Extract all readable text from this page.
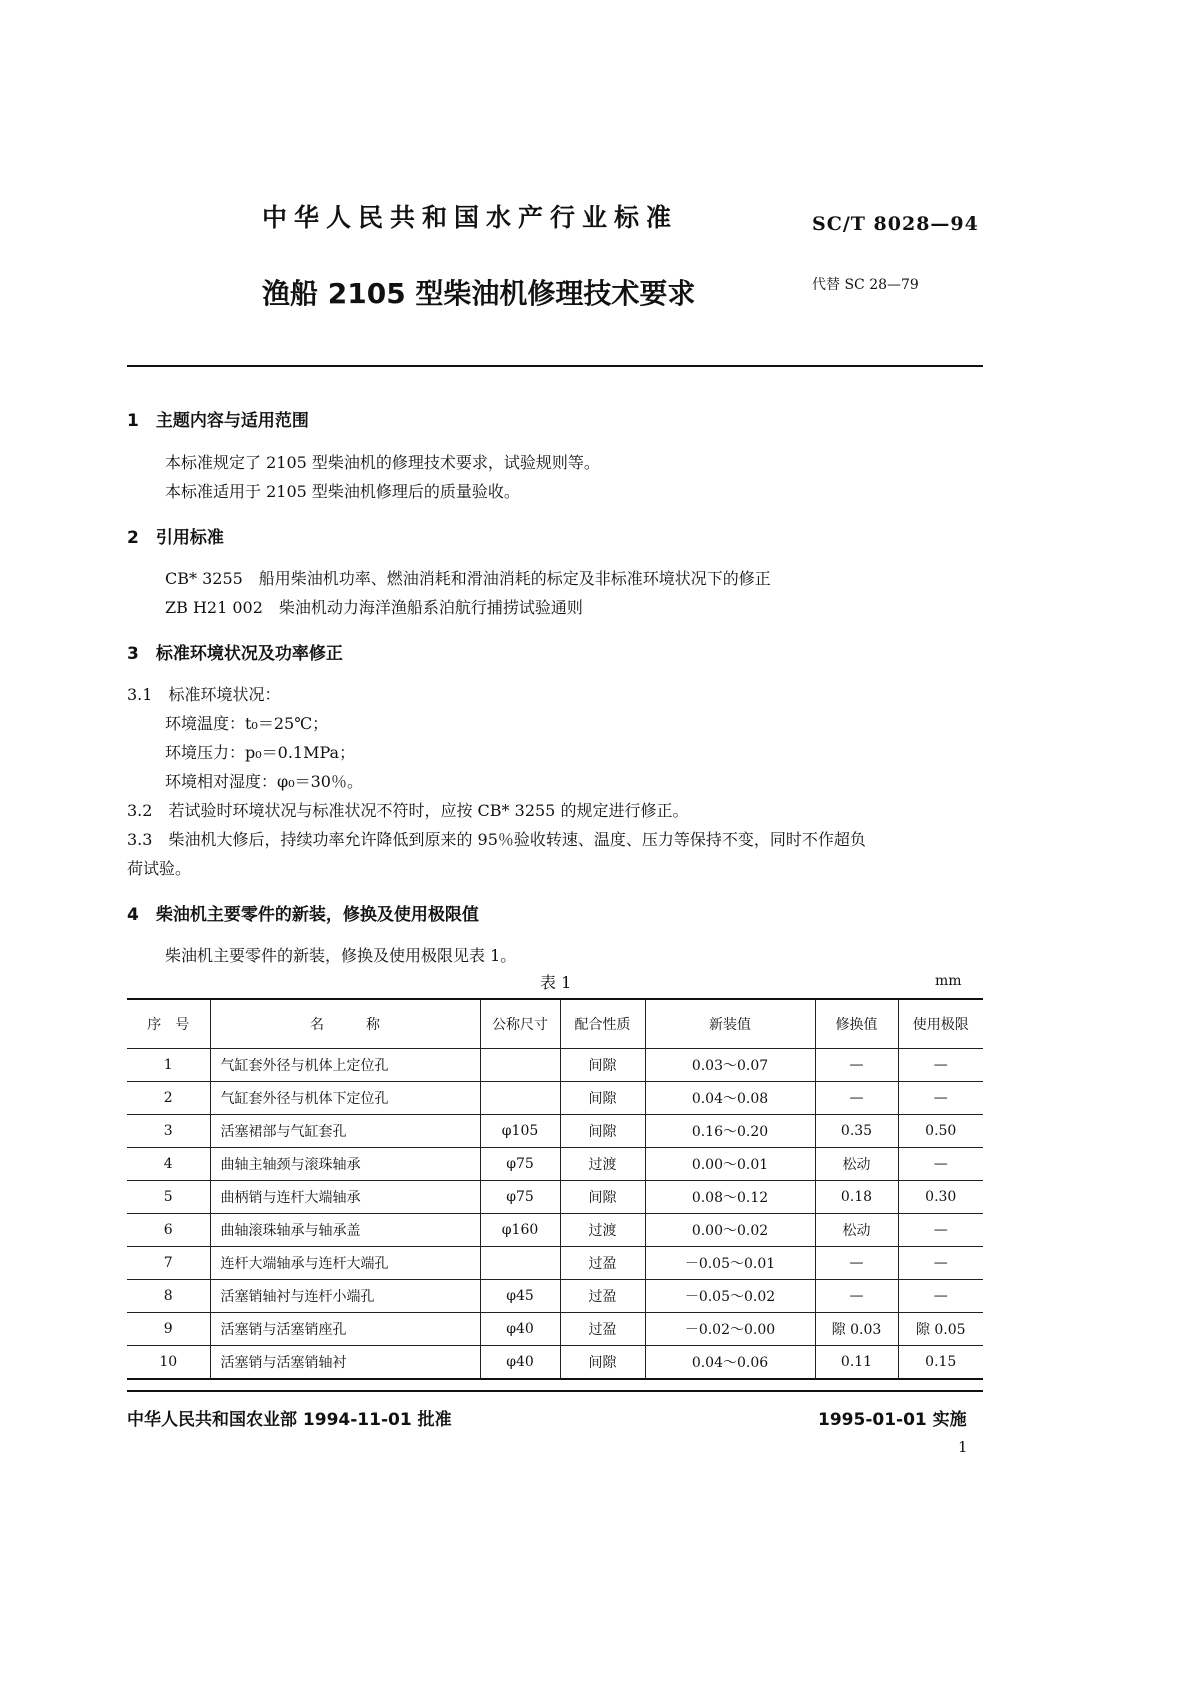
中华人民共和国水产行业标准	SC/T 8028—94
渔船 2105 型柴油机修理技术要求	代替 SC 28—79
1　 主题内容与适用范围
本标准规定了 2105 型柴油机的修理技术要求，试验规则等。
本标准适用于 2105 型柴油机修理后的质量验收。
2　 引用标准
CB* 3255　船用柴油机功率、燃油消耗和滑油消耗的标定及非标准环境状况下的修正
ZB H21 002　柴油机动力海洋渔船系泊航行捕捞试验通则
3　 标准环境状况及功率修正
3.1　 标准环境状况：
环境温度：t₀＝25℃；
环境压力：p₀＝0.1MPa；
环境相对湿度：φ₀＝30％。
3.2　 若试验时环境状况与标准状况不符时，应按 CB* 3255 的规定进行修正。
3.3　 柴油机大修后，持续功率允许降低到原来的 95％验收转速、温度、压力等保持不变，同时不作超负
荷试验。
4　 柴油机主要零件的新装，修换及使用极限值
柴油机主要零件的新装，修换及使用极限见表 1。
表 1	mm
序　号	名　　　称	公称尺寸	配合性质	新装值	修换值	使用极限
1	气缸套外径与机体上定位孔		间隙	0.03～0.07	—	—
2	气缸套外径与机体下定位孔		间隙	0.04～0.08	—	—
3	活塞裙部与气缸套孔	φ105	间隙	0.16～0.20	0.35	0.50
4	曲轴主轴颈与滚珠轴承	φ75	过渡	0.00～0.01	松动	—
5	曲柄销与连杆大端轴承	φ75	间隙	0.08～0.12	0.18	0.30
6	曲轴滚珠轴承与轴承盖	φ160	过渡	0.00～0.02	松动	—
7	连杆大端轴承与连杆大端孔		过盈	－0.05～0.01	—	—
8	活塞销轴衬与连杆小端孔	φ45	过盈	－0.05～0.02	—	—
9	活塞销与活塞销座孔	φ40	过盈	－0.02～0.00	隙 0.03	隙 0.05
10	活塞销与活塞销轴衬	φ40	间隙	0.04～0.06	0.11	0.15
中华人民共和国农业部 1994-11-01 批准	1995-01-01 实施
1
